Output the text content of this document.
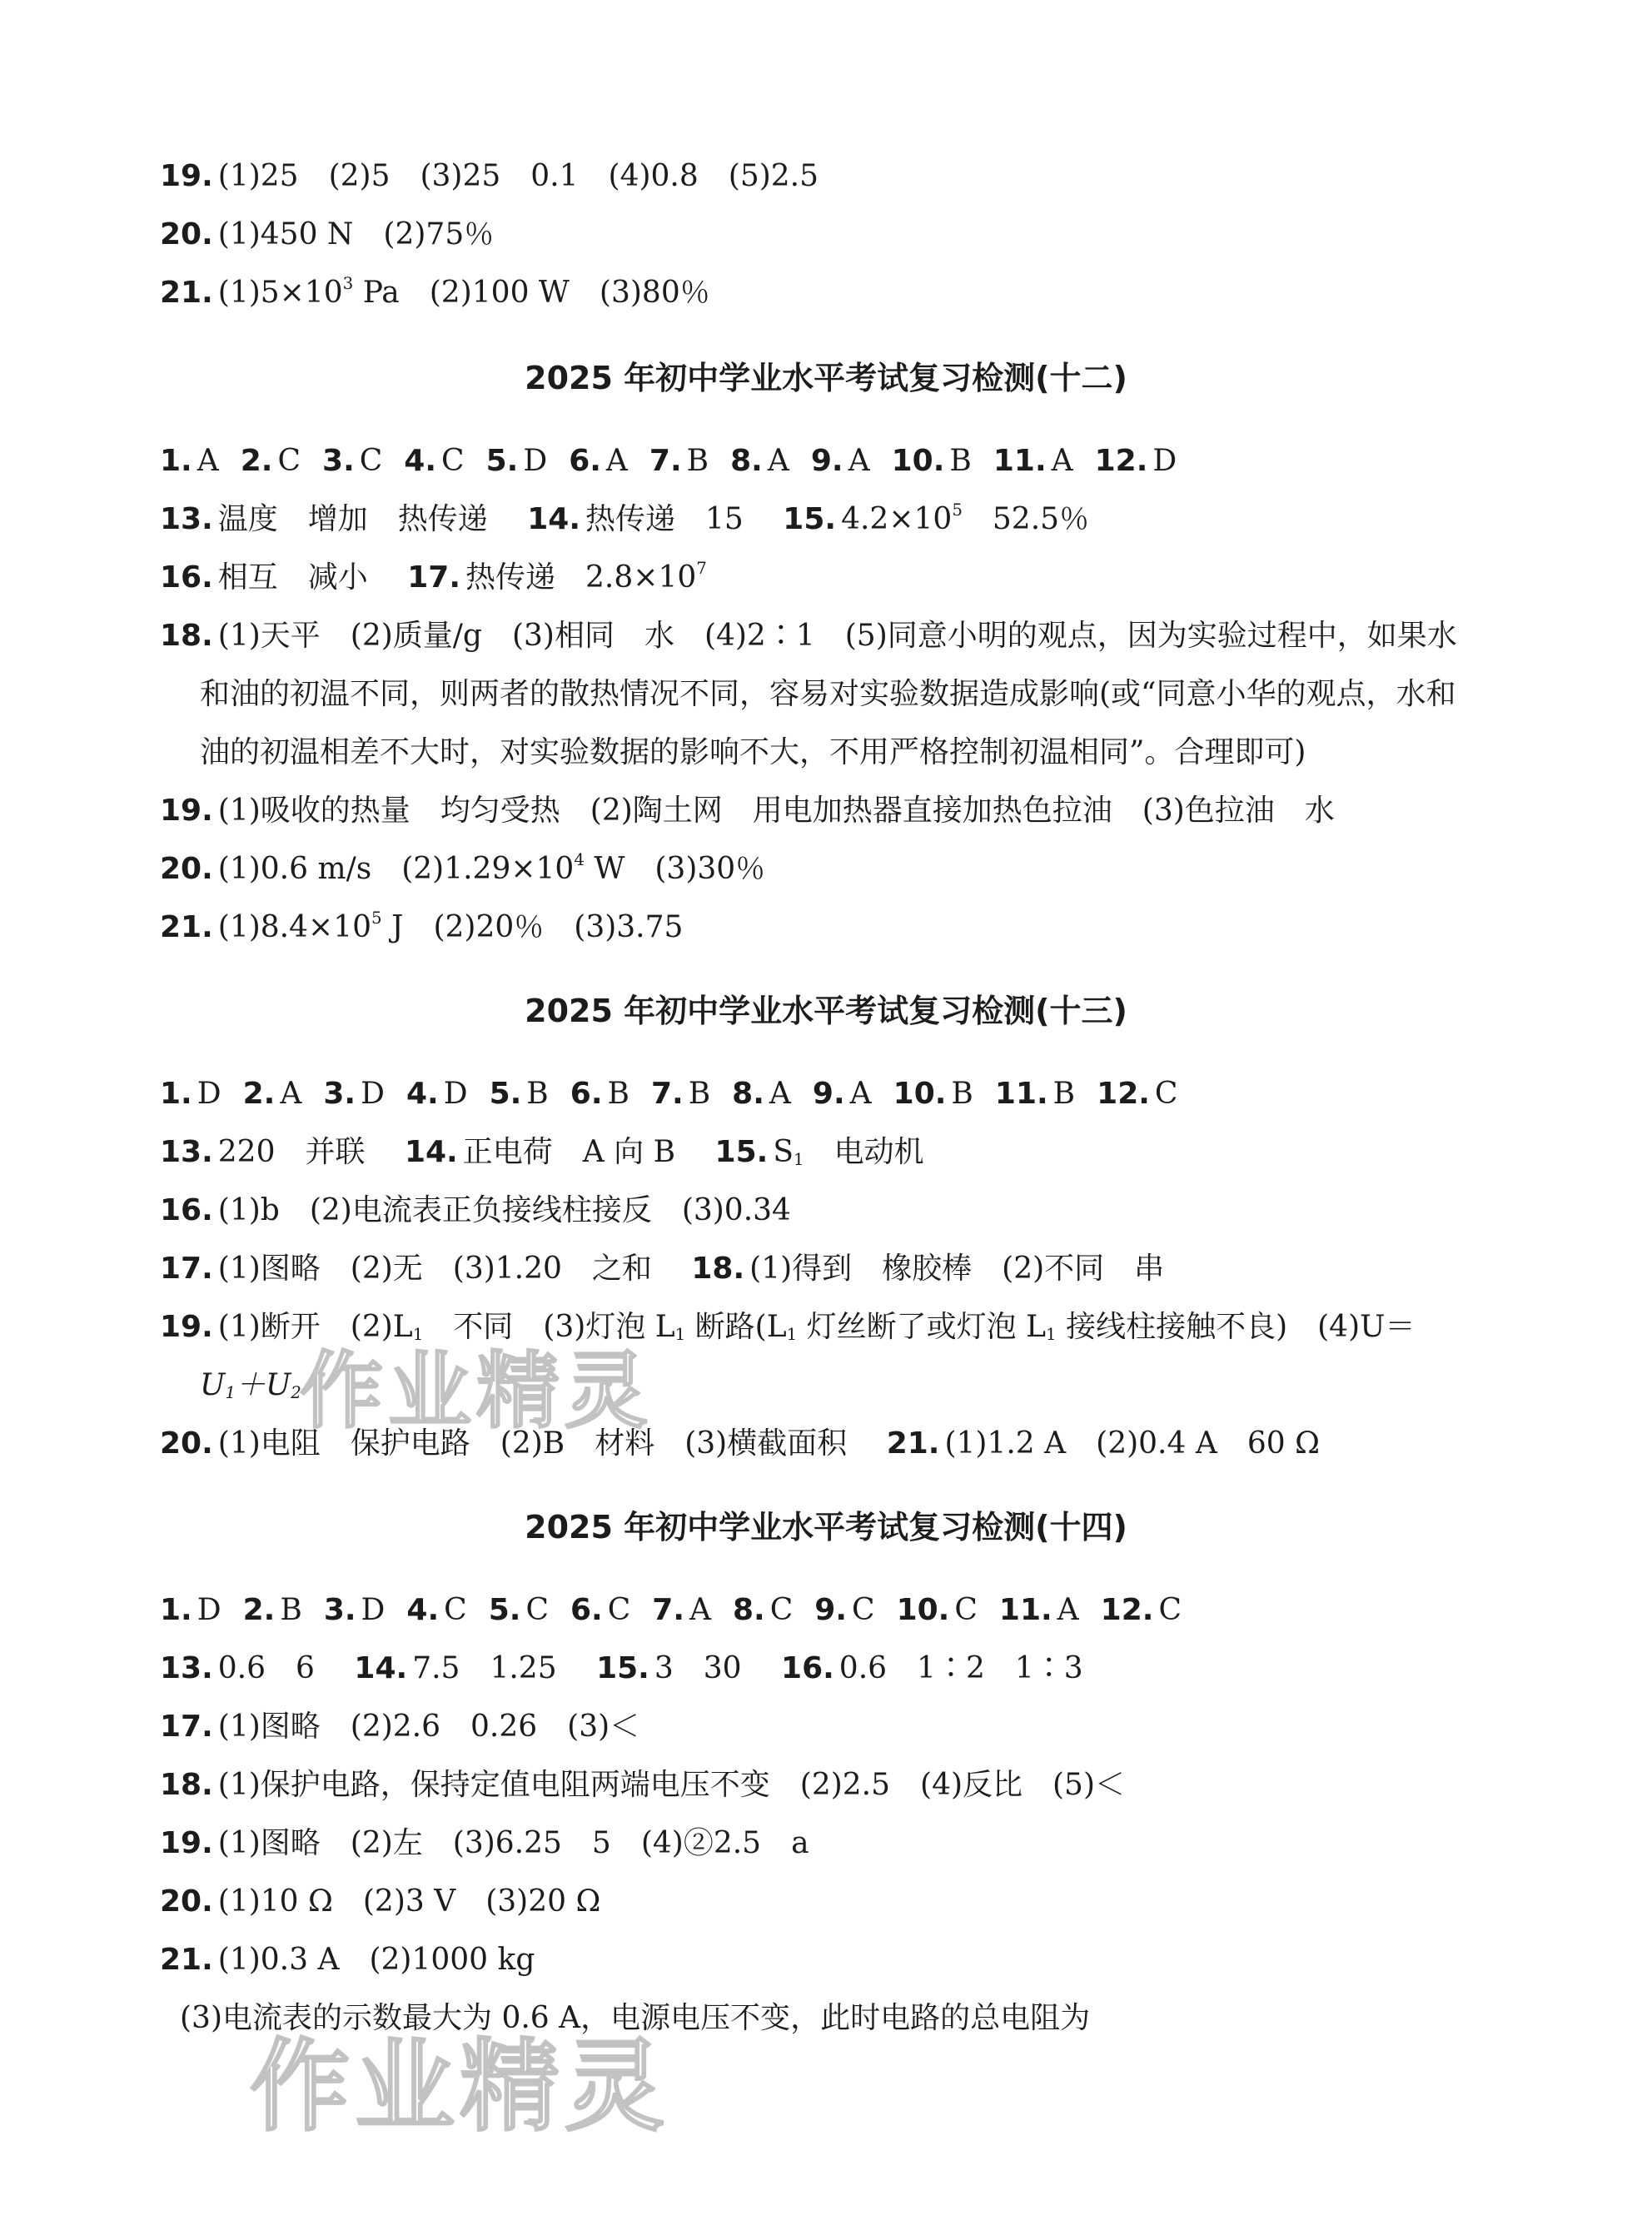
19. (1)25　(2)5　(3)25　0.1　(4)0.8　(5)2.5
20. (1)450 N　(2)75％
21. $(1)5\times 10^3$ Pa　(2)100 W　(3)80％
2025 年初中学业水平考试复习检测(十二)
1. A 2. C 3. C 4. C 5. D 6. A 7. B 8. A 9. A 10. B 11. A 12. D
13. 温度　增加　热传递　 14. 热传递　15　 15. $4.2\times 10^5$　52.5％
16. 相互　减小　 17. 热传递　$2.8\times 10^7$
18. (1)天平　(2)质量/g　(3)相同　水　(4)2∶1　(5)同意小明的观点，因为实验过程中，如果水
和油的初温不同，则两者的散热情况不同，容易对实验数据造成影响(或“同意小华的观点，水和
油的初温相差不大时，对实验数据的影响不大，不用严格控制初温相同”。合理即可)
19. (1)吸收的热量　均匀受热　(2)陶土网　用电加热器直接加热色拉油　(3)色拉油　水
20. (1)0.6 m/s　$(2)1.29\times 10^4$ W　(3)30％
21. $(1)8.4\times 10^5$ J　(2)20％　(3)3.75
2025 年初中学业水平考试复习检测(十三)
1. D 2. A 3. D 4. D 5. B 6. B 7. B 8. A 9. A 10. B 11. B 12. C
13. 220　并联　 14. 正电荷　A 向 B　 15. $S_1$　电动机
16. (1)b　(2)电流表正负接线柱接反　(3)0.34
17. (1)图略　(2)无　(3)1.20　之和　 18. (1)得到　橡胶棒　(2)不同　串
19. (1)断开　$(2)L_1$　不同　(3)灯泡 $L_1$ 断路($L_1$ 灯丝断了或灯泡 $L_1$ 接线柱接触不良)　(4)U＝
$U_1+U_2$
20. (1)电阻　保护电路　(2)B　材料　(3)横截面积　 21. (1)1.2 A　(2)0.4 A　60 Ω
2025 年初中学业水平考试复习检测(十四)
1. D 2. B 3. D 4. C 5. C 6. C 7. A 8. C 9. C 10. C 11. A 12. C
13. 0.6　6　 14. 7.5　1.25　 15. 3　30　 16. 0.6　1∶2　1∶3
17. (1)图略　(2)2.6　0.26　(3)＜
18. (1)保护电路，保持定值电阻两端电压不变　(2)2.5　(4)反比　(5)＜
19. (1)图略　(2)左　(3)6.25　5　(4)②2.5　a
20. (1)10 Ω　(2)3 V　(3)20 Ω
21. (1)0.3 A　(2)1000 kg
(3)电流表的示数最大为 0.6 A，电源电压不变，此时电路的总电阻为
作业精灵
作业精灵
